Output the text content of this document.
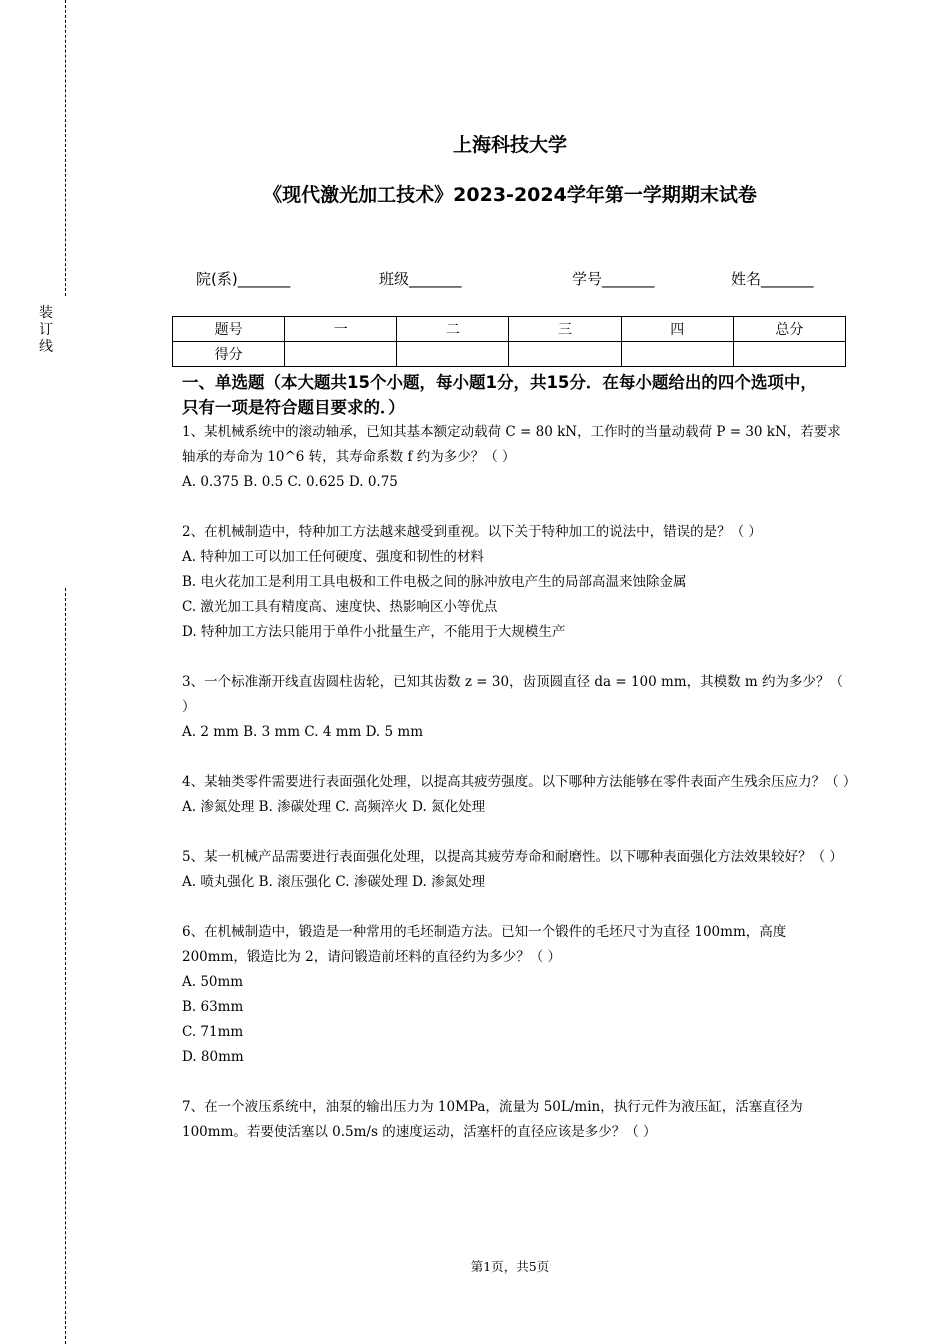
装
订
线
上海科技大学
《现代激光加工技术》2023-2024学年第一学期期末试卷
院(系)_______	班级_______	学号_______	姓名_______
题号	一	二	三	四	总分
得分					
一、单选题（本大题共15个小题，每小题1分，共15分．在每小题给出的四个选项中，只有一项是符合题目要求的．）

1、某机械系统中的滚动轴承，已知其基本额定动载荷 C = 80 kN，工作时的当量动载荷 P = 30 kN，若要求轴承的寿命为 10^6 转，其寿命系数 f 约为多少？（ ）

A. 0.375 B. 0.5 C. 0.625 D. 0.75

2、在机械制造中，特种加工方法越来越受到重视。以下关于特种加工的说法中，错误的是？（ ）

A. 特种加工可以加工任何硬度、强度和韧性的材料

B. 电火花加工是利用工具电极和工件电极之间的脉冲放电产生的局部高温来蚀除金属

C. 激光加工具有精度高、速度快、热影响区小等优点

D. 特种加工方法只能用于单件小批量生产，不能用于大规模生产

3、一个标准渐开线直齿圆柱齿轮，已知其齿数 z = 30，齿顶圆直径 da = 100 mm，其模数 m 约为多少？（ ）

A. 2 mm B. 3 mm C. 4 mm D. 5 mm

4、某轴类零件需要进行表面强化处理，以提高其疲劳强度。以下哪种方法能够在零件表面产生残余压应力？（ ）

A. 渗氮处理 B. 渗碳处理 C. 高频淬火 D. 氮化处理

5、某一机械产品需要进行表面强化处理，以提高其疲劳寿命和耐磨性。以下哪种表面强化方法效果较好？（ ）

A. 喷丸强化 B. 滚压强化 C. 渗碳处理 D. 渗氮处理

6、在机械制造中，锻造是一种常用的毛坯制造方法。已知一个锻件的毛坯尺寸为直径 100mm，高度 200mm，锻造比为 2，请问锻造前坯料的直径约为多少？（ ）

A. 50mm

B. 63mm

C. 71mm

D. 80mm

7、在一个液压系统中，油泵的输出压力为 10MPa，流量为 50L/min，执行元件为液压缸，活塞直径为 100mm。若要使活塞以 0.5m/s 的速度运动，活塞杆的直径应该是多少？（ ）

第1页，共5页
